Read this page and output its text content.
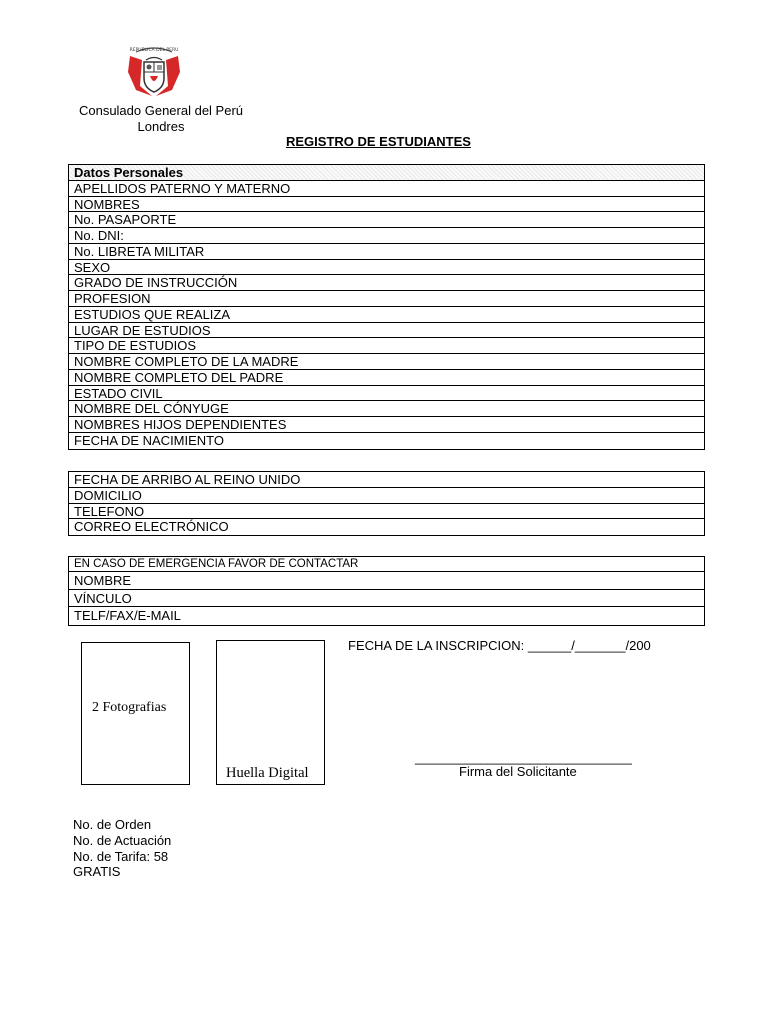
REPUBLICA DEL PERU
Consulado General del Perú
Londres
REGISTRO DE ESTUDIANTES
Datos Personales
APELLIDOS PATERNO Y MATERNO
NOMBRES
No. PASAPORTE
No. DNI:
No. LIBRETA MILITAR
SEXO
GRADO DE INSTRUCCIÓN
PROFESION
ESTUDIOS QUE REALIZA
LUGAR DE ESTUDIOS
TIPO DE ESTUDIOS
NOMBRE COMPLETO DE LA MADRE
NOMBRE COMPLETO DEL PADRE
ESTADO CIVIL
NOMBRE DEL CÓNYUGE
NOMBRES HIJOS DEPENDIENTES
FECHA DE NACIMIENTO
FECHA DE ARRIBO AL REINO UNIDO
DOMICILIO
TELEFONO
CORREO ELECTRÓNICO
EN CASO DE EMERGENCIA FAVOR DE CONTACTAR
NOMBRE
VÍNCULO
TELF/FAX/E-MAIL
2 Fotografias
Huella Digital
FECHA DE LA INSCRIPCION: ______/_______/200
______________________________
Firma del Solicitante
No. de Orden
No. de Actuación
No. de Tarifa: 58
GRATIS
